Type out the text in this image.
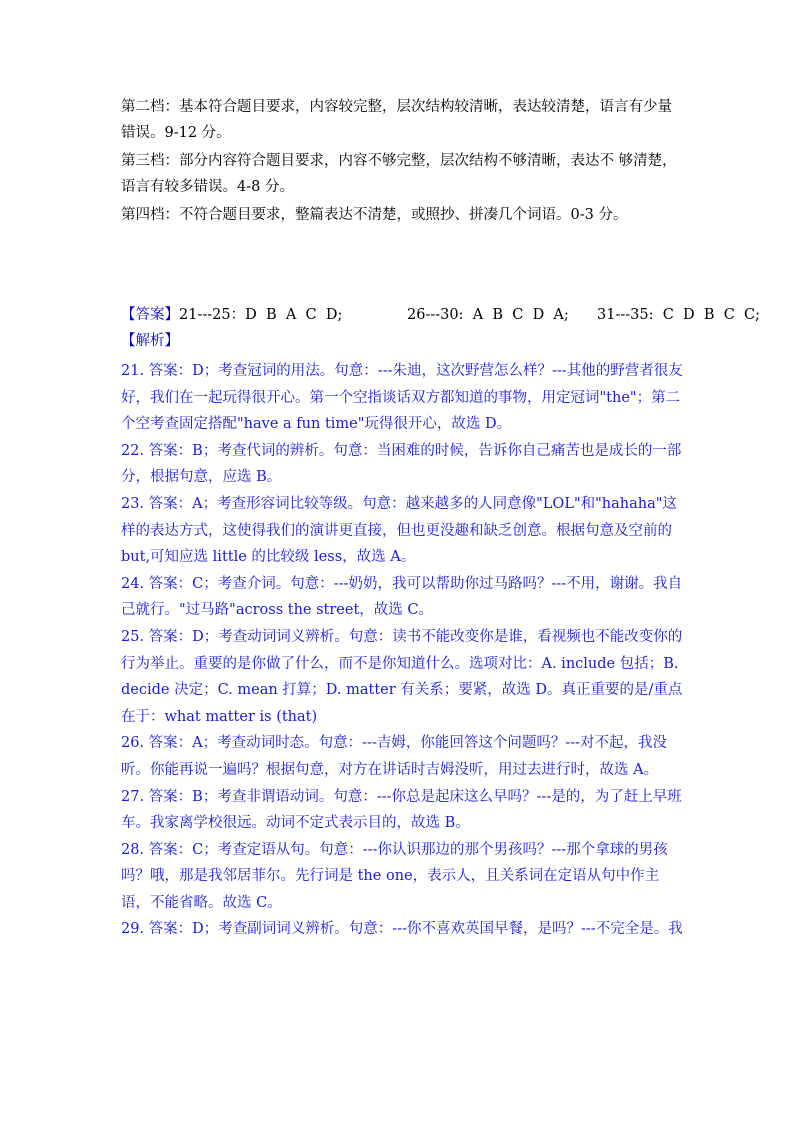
第二档：基本符合题目要求，内容较完整，层次结构较清晰，表达较清楚，语言有少量错误。9-12 分。

第三档：部分内容符合题目要求，内容不够完整，层次结构不够清晰，表达不 够清楚，语言有较多错误。4-8 分。

第四档：不符合题目要求，整篇表达不清楚，或照抄、拼凑几个词语。0-3 分。

【答案】21---25：D  B  A  C  D;	26---30:  A  B  C  D  A; 31---35:  C  D  B  C  C;
【解析】

21. 答案：D；考查冠词的用法。句意：---朱迪，这次野营怎么样？---其他的野营者很友好，我们在一起玩得很开心。第一个空指谈话双方都知道的事物，用定冠词"the"；第二个空考查固定搭配"have a fun time"玩得很开心，故选 D。

22. 答案：B；考查代词的辨析。句意：当困难的时候，告诉你自己痛苦也是成长的一部分，根据句意，应选 B。

23. 答案：A；考查形容词比较等级。句意：越来越多的人同意像"LOL"和"hahaha"这样的表达方式，这使得我们的演讲更直接，但也更没趣和缺乏创意。根据句意及空前的but,可知应选 little 的比较级 less，故选 A。

24. 答案：C；考查介词。句意：---奶奶，我可以帮助你过马路吗？---不用，谢谢。我自己就行。"过马路"across the street，故选 C。

25. 答案：D；考查动词词义辨析。句意：读书不能改变你是谁，看视频也不能改变你的行为举止。重要的是你做了什么，而不是你知道什么。选项对比：A. include 包括；B. decide 决定；C. mean 打算；D. matter 有关系；要紧，故选 D。真正重要的是/重点在于：what matter is (that)

26. 答案：A；考查动词时态。句意：---吉姆，你能回答这个问题吗？---对不起，我没听。你能再说一遍吗？根据句意，对方在讲话时吉姆没听，用过去进行时，故选 A。

27. 答案：B；考查非谓语动词。句意：---你总是起床这么早吗？---是的，为了赶上早班车。我家离学校很远。动词不定式表示目的，故选 B。

28. 答案：C；考查定语从句。句意：---你认识那边的那个男孩吗？---那个拿球的男孩吗？哦，那是我邻居菲尔。先行词是 the one，表示人，且关系词在定语从句中作主语，不能省略。故选 C。

29. 答案：D；考查副词词义辨析。句意：---你不喜欢英国早餐，是吗？---不完全是。我
